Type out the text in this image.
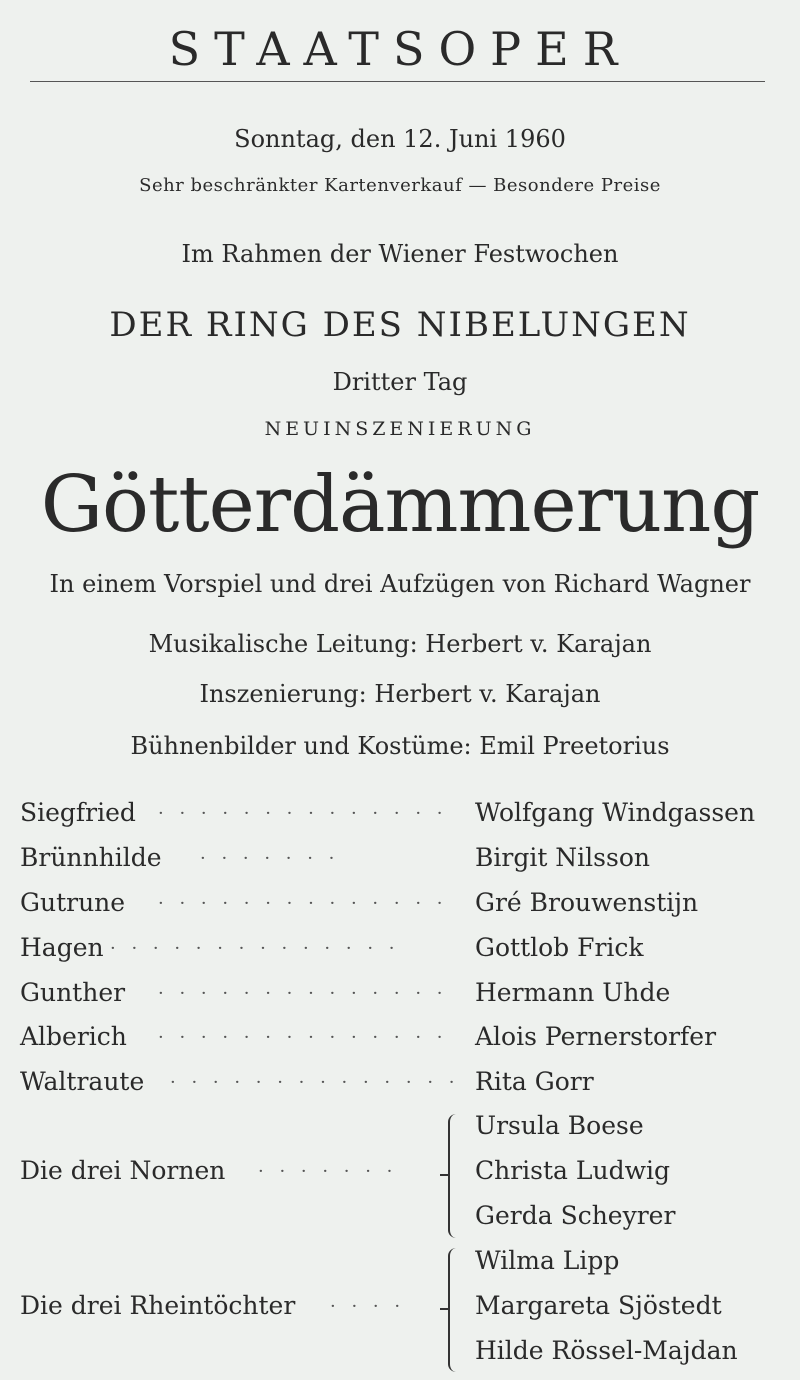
STAATSOPER
Sonntag, den 12. Juni 1960
Sehr beschränkter Kartenverkauf — Besondere Preise
Im Rahmen der Wiener Festwochen
DER RING DES NIBELUNGEN
Dritter Tag
NEUINSZENIERUNG
Götterdämmerung
In einem Vorspiel und drei Aufzügen von Richard Wagner
Musikalische Leitung: Herbert v. Karajan
Inszenierung: Herbert v. Karajan
Bühnenbilder und Kostüme: Emil Preetorius
Siegfried · · · · · · · · · · · · · · Wolfgang Windgassen
Brünnhilde · · · · · · ·	Birgit Nilsson
Gutrune · · · · · · · · · · · · · · Gré Brouwenstijn
Hagen · · · · · · · · · · · · · ·	Gottlob Frick
Gunther · · · · · · · · · · · · · · Hermann Uhde
Alberich · · · · · · · · · · · · · · Alois Pernerstorfer
Waltraute · · · · · · · · · · · · · · Rita Gorr
Die drei Nornen · · · · · · ·
Ursula Boese
Christa Ludwig
Gerda Scheyrer
Die drei Rheintöchter · · · ·
Wilma Lipp
Margareta Sjöstedt
Hilde Rössel-Majdan
